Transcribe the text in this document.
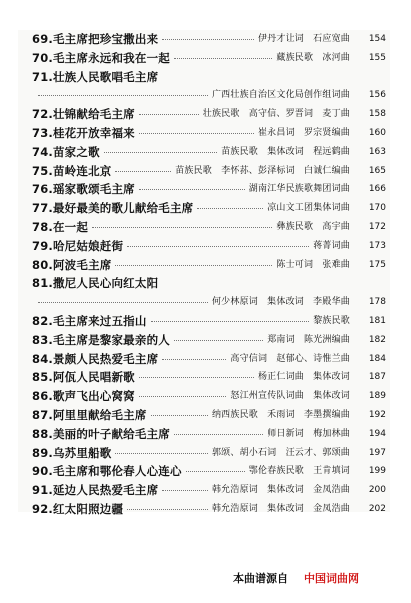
69.毛主席把珍宝撒出来	伊丹才让词　石应宽曲	154
70.毛主席永远和我在一起	藏族民歌　冰河曲	155
71.壮族人民歌唱毛主席
广西壮族自治区文化局创作组词曲	156
72.壮锦献给毛主席	壮族民歌　高守信、罗晋词　麦丁曲	158
73.桂花开放幸福来	崔永昌词　罗宗贤编曲	160
74.苗家之歌	苗族民歌　集体改词　程远鹤曲	163
75.苗岭连北京	苗族民歌　李怀荪、彭泽标词　白诚仁编曲	165
76.瑶家歌颂毛主席	湖南江华民族歌舞团词曲	166
77.最好最美的歌儿献给毛主席	凉山文工团集体词曲	170
78.在一起	彝族民歌　高宇曲	172
79.哈尼姑娘赶街	蒋菁词曲	173
80.阿波毛主席	陈士可词　张难曲	175
81.撒尼人民心向红太阳
何少林原词　集体改词　李殿华曲	178
82.毛主席来过五指山	黎族民歌	181
83.毛主席是黎家最亲的人	郑南词　陈光洲编曲	182
84.景颇人民热爱毛主席	高守信词　赵郁心、诗惟兰曲	184
85.阿佤人民唱新歌	杨正仁词曲　集体改词	187
86.歌声飞出心窝窝	怒江州宣传队词曲　集体改词	189
87.阿里里献给毛主席	纳西族民歌　禾雨词　李墨撰编曲	192
88.美丽的叶子献给毛主席	师日新词　梅加林曲	194
89.乌苏里船歌	郭颂、胡小石词　汪云才、郭颂曲	197
90.毛主席和鄂伦春人心连心	鄂伦春族民歌　王肯填词	199
91.延边人民热爱毛主席	韩允浩原词　集体改词　金凤浩曲	200
92.红太阳照边疆	韩允浩原词　集体改词　金凤浩曲	202
本曲谱源自 中国词曲网
